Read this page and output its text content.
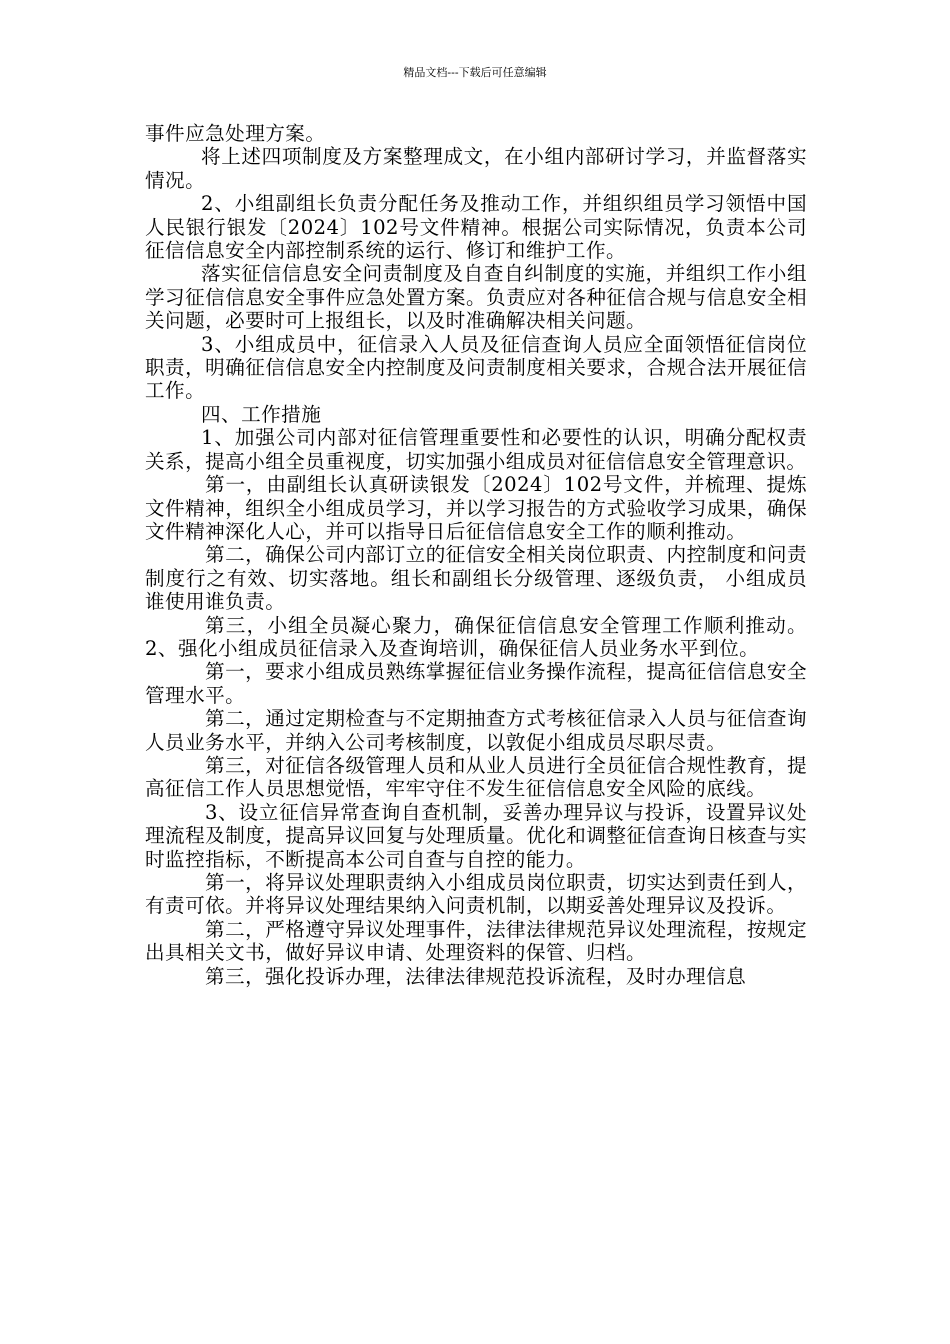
精品文档---下载后可任意编辑

事件应急处理方案。

将上述四项制度及方案整理成文，在小组内部研讨学习，并监督落实情况。

2、小组副组长负责分配任务及推动工作，并组织组员学习领悟中国人民银行银发〔2024〕102号文件精神。根据公司实际情况，负责本公司征信信息安全内部控制系统的运行、修订和维护工作。

落实征信信息安全问责制度及自查自纠制度的实施，并组织工作小组学习征信信息安全事件应急处置方案。负责应对各种征信合规与信息安全相关问题，必要时可上报组长，以及时准确解决相关问题。

3、小组成员中，征信录入人员及征信查询人员应全面领悟征信岗位职责，明确征信信息安全内控制度及问责制度相关要求，合规合法开展征信工作。

四、工作措施

1、加强公司内部对征信管理重要性和必要性的认识，明确分配权责关系，提高小组全员重视度，切实加强小组成员对征信信息安全管理意识。

第一，由副组长认真研读银发〔2024〕102号文件，并梳理、提炼文件精神，组织全小组成员学习，并以学习报告的方式验收学习成果，确保文件精神深化人心，并可以指导日后征信信息安全工作的顺利推动。

第二，确保公司内部订立的征信安全相关岗位职责、内控制度和问责制度行之有效、切实落地。组长和副组长分级管理、逐级负责， 小组成员谁使用谁负责。

第三，小组全员凝心聚力，确保征信信息安全管理工作顺利推动。 2、强化小组成员征信录入及查询培训，确保征信人员业务水平到位。

第一，要求小组成员熟练掌握征信业务操作流程，提高征信信息安全管理水平。

第二，通过定期检查与不定期抽查方式考核征信录入人员与征信查询人员业务水平，并纳入公司考核制度，以敦促小组成员尽职尽责。

第三，对征信各级管理人员和从业人员进行全员征信合规性教育，提高征信工作人员思想觉悟，牢牢守住不发生征信信息安全风险的底线。

3、设立征信异常查询自查机制，妥善办理异议与投诉，设置异议处理流程及制度，提高异议回复与处理质量。优化和调整征信查询日核查与实时监控指标，不断提高本公司自查与自控的能力。

第一，将异议处理职责纳入小组成员岗位职责，切实达到责任到人，有责可依。并将异议处理结果纳入问责机制，以期妥善处理异议及投诉。

第二，严格遵守异议处理事件，法律法律规范异议处理流程，按规定出具相关文书，做好异议申请、处理资料的保管、归档。

第三，强化投诉办理，法律法律规范投诉流程，及时办理信息
